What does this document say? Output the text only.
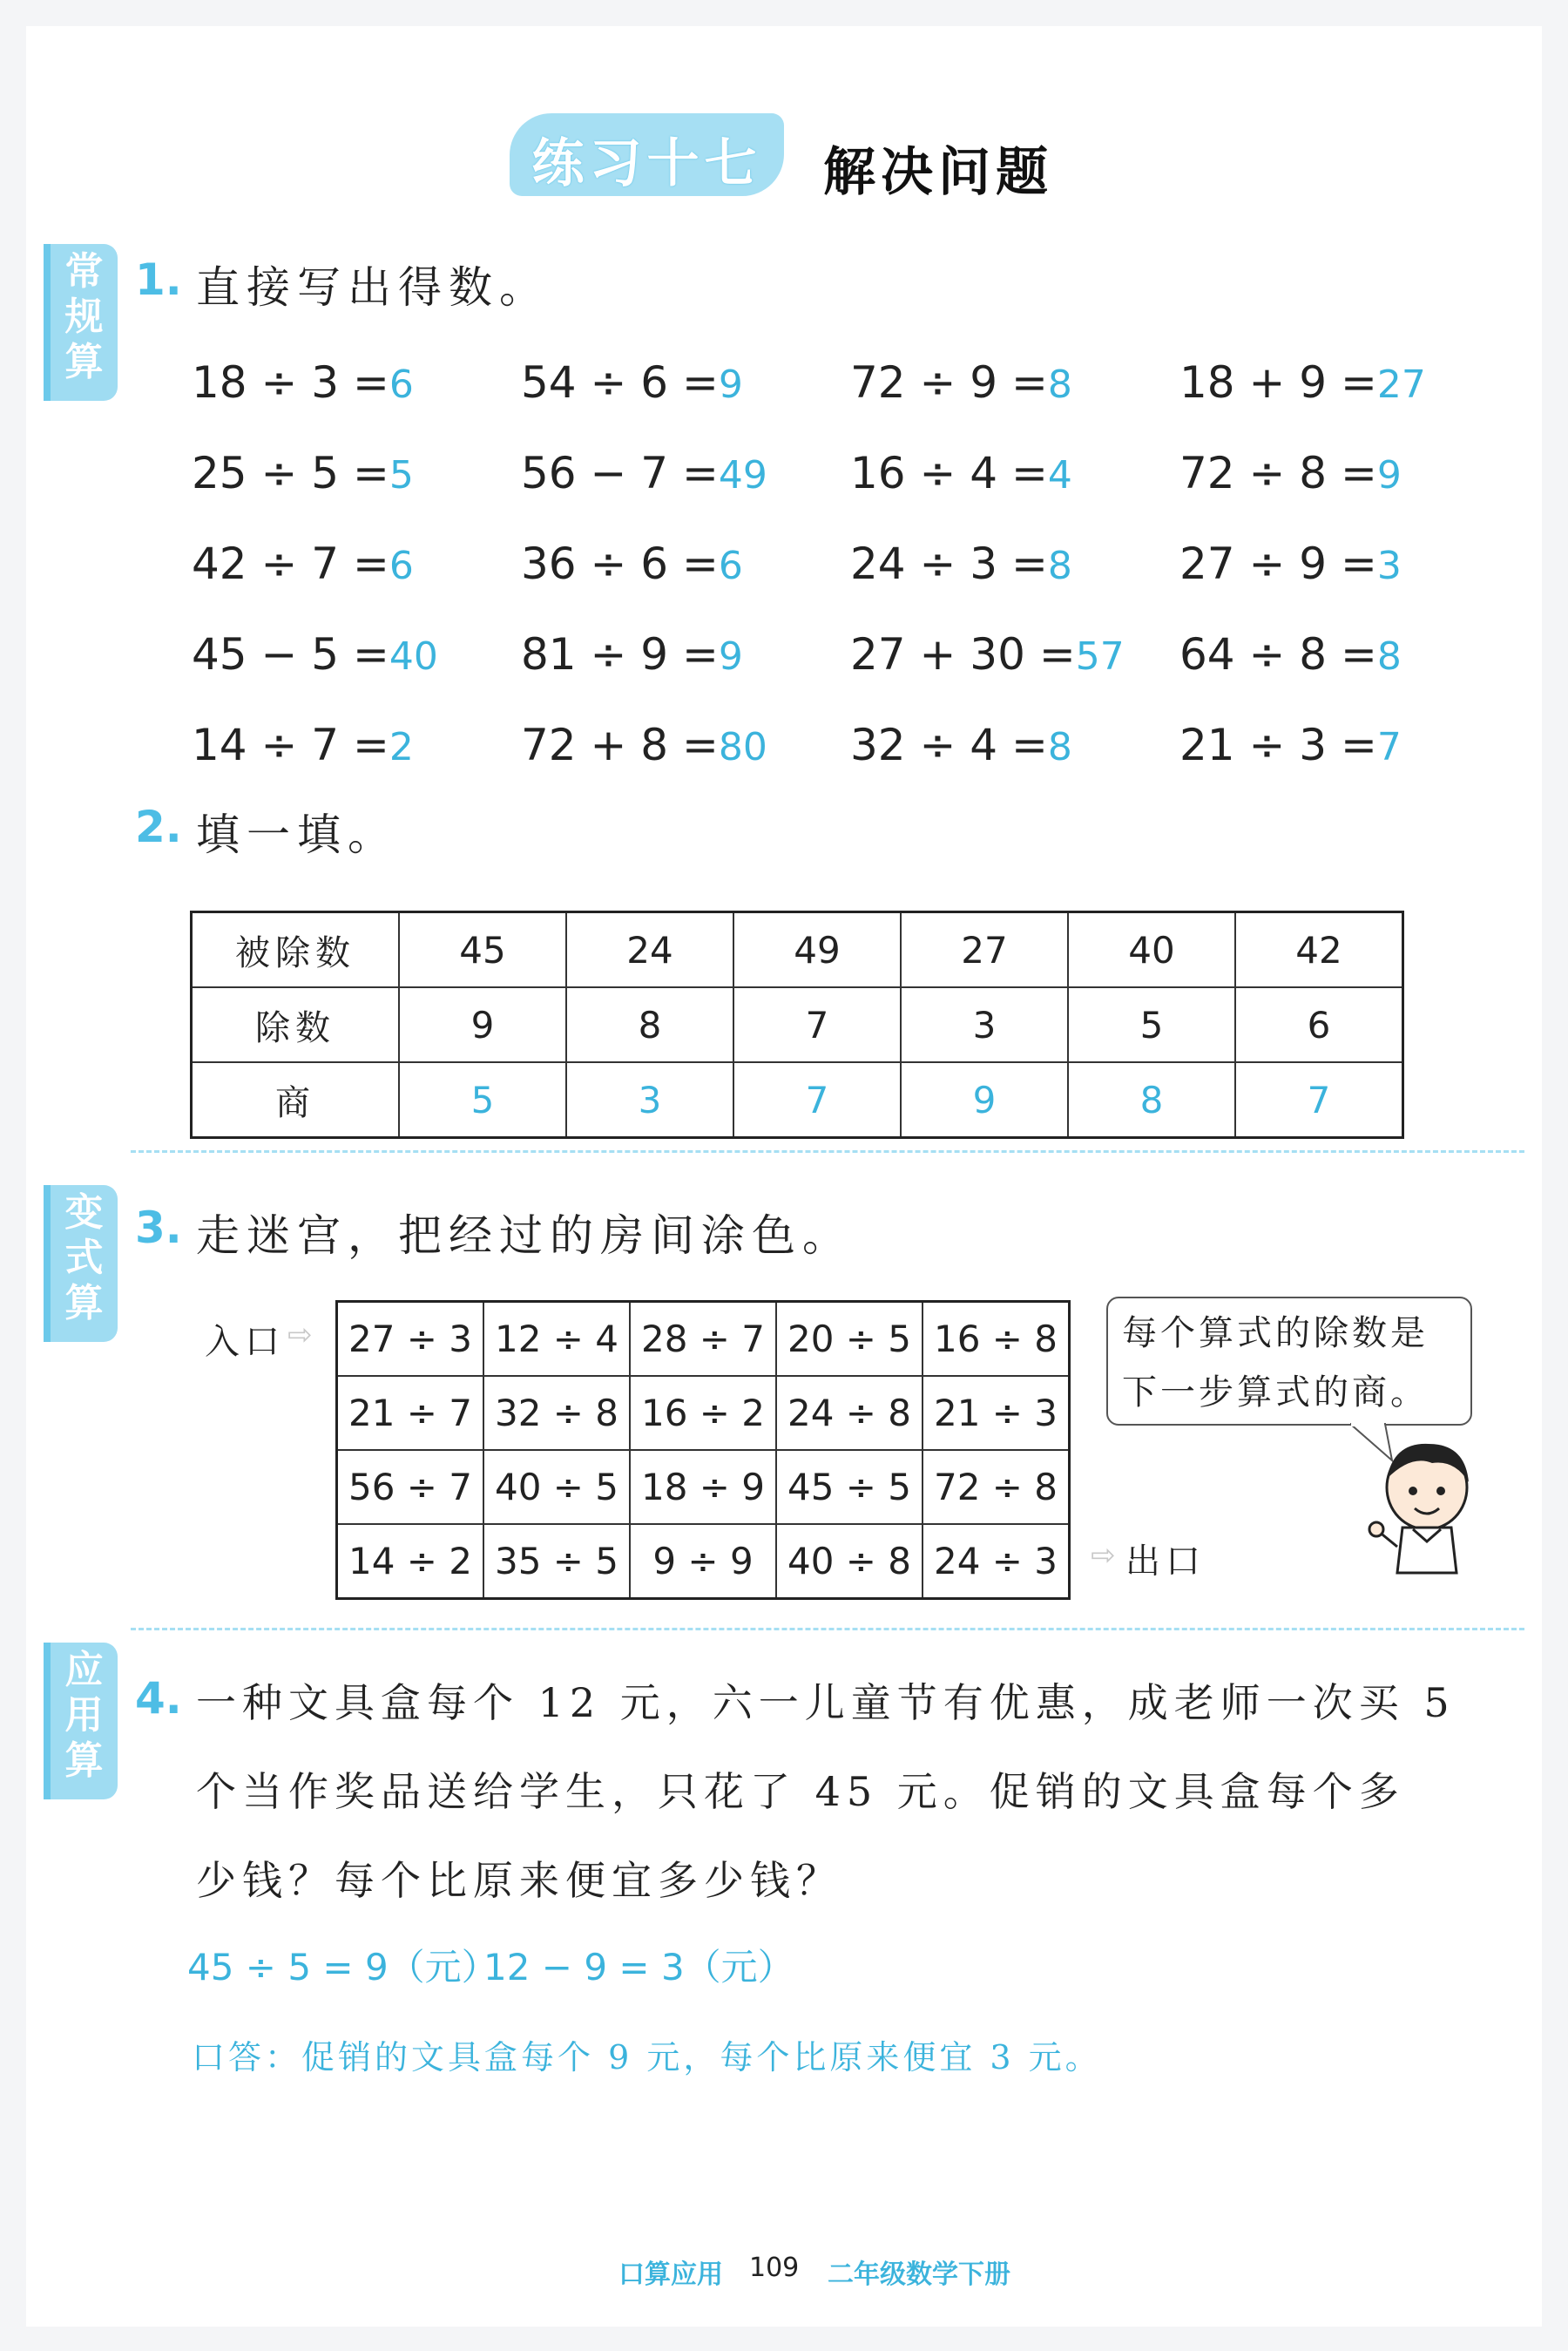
练习十七	解决问题
常规算
变式算
应用算
1. 直接写出得数。
18 ÷ 3 =6 54 ÷ 6 =9 72 ÷ 9 =8 18 + 9 =27
25 ÷ 5 =5 56 − 7 =49 16 ÷ 4 =4 72 ÷ 8 =9
42 ÷ 7 =6 36 ÷ 6 =6 24 ÷ 3 =8 27 ÷ 9 =3
45 − 5 =40 81 ÷ 9 =9 27 + 30 =57 64 ÷ 8 =8
14 ÷ 7 =2 72 + 8 =80 32 ÷ 4 =8 21 ÷ 3 =7
2. 填一填。
被除数	45	24	49	27	40	42
除数	9	8	7	3	5	6
商	5	3	7	9	8	7
3. 走迷宫，把经过的房间涂色。
入口 ⇨ 27 ÷ 3	12 ÷ 4	28 ÷ 7	20 ÷ 5	16 ÷ 8
21 ÷ 7	32 ÷ 8	16 ÷ 2	24 ÷ 8	21 ÷ 3
56 ÷ 7	40 ÷ 5	18 ÷ 9	45 ÷ 5	72 ÷ 8
14 ÷ 2	35 ÷ 5	9 ÷ 9	40 ÷ 8	24 ÷ 3 ⇨ 出口
每个算式的除数是
下一步算式的商。
4. 一种文具盒每个 12 元，六一儿童节有优惠，成老师一次买 5
个当作奖品送给学生，只花了 45 元。促销的文具盒每个多
少钱？每个比原来便宜多少钱？
45 ÷ 5 = 9（元）
12 − 9 = 3（元）
口答：促销的文具盒每个 9 元，每个比原来便宜 3 元。
口算应用 109 二年级数学下册
